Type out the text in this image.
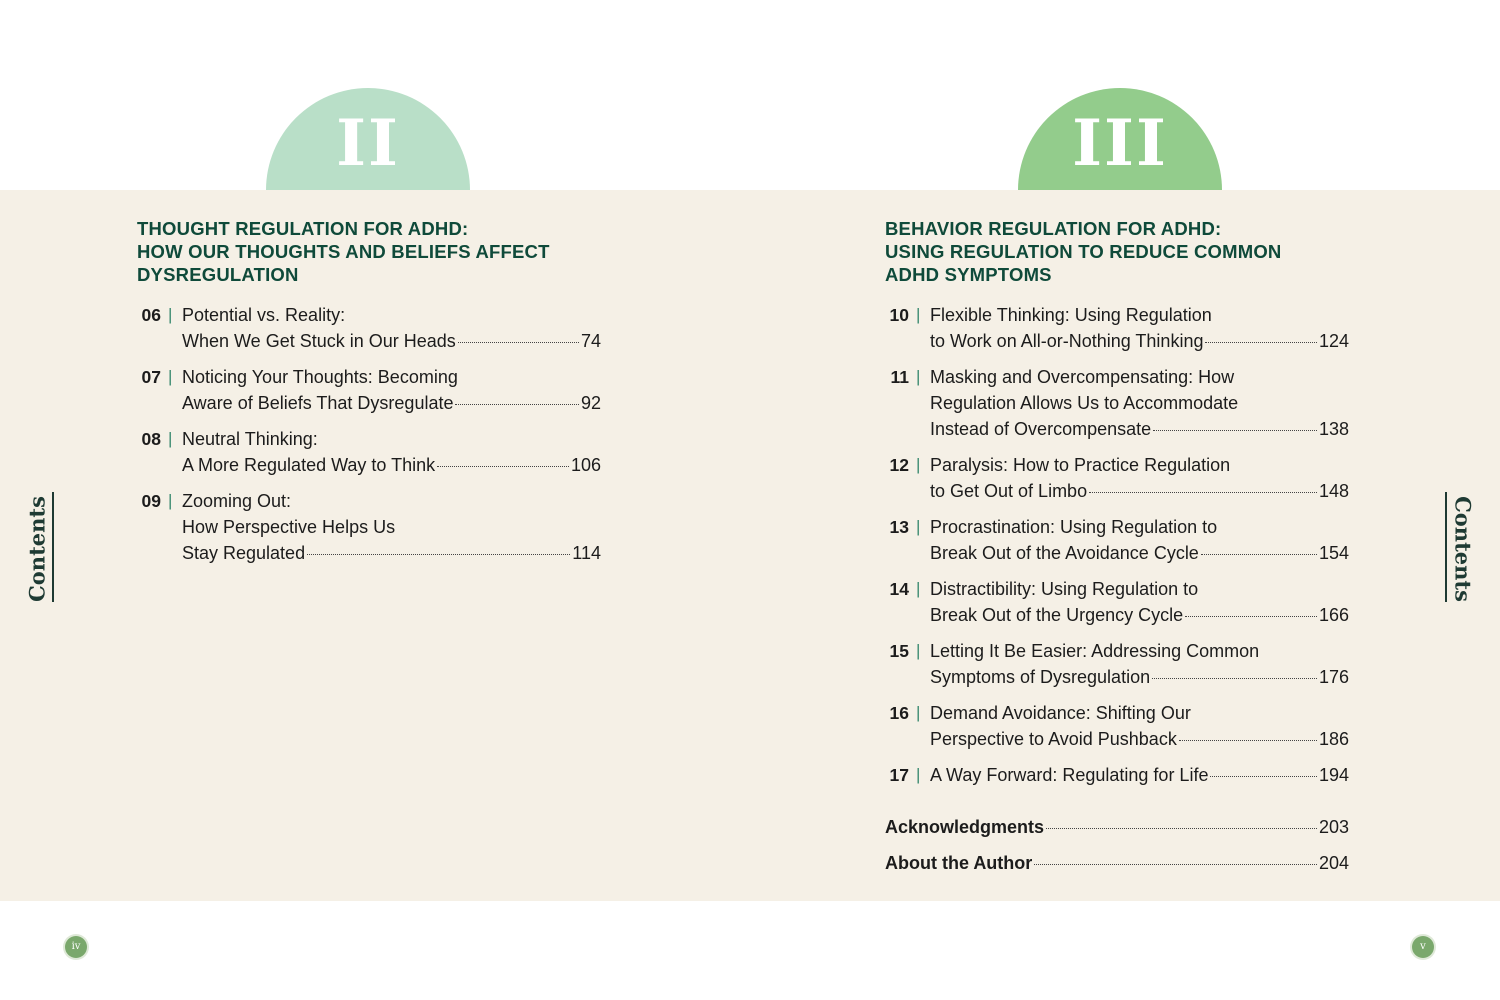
II	III
THOUGHT REGULATION FOR ADHD:
HOW OUR THOUGHTS AND BELIEFS AFFECT
DYSREGULATION
BEHAVIOR REGULATION FOR ADHD:
USING REGULATION TO REDUCE COMMON
ADHD SYMPTOMS
06 | Potential vs. Reality:
When We Get Stuck in Our Heads	74
07 | Noticing Your Thoughts: Becoming
Aware of Beliefs That Dysregulate	92
08 | Neutral Thinking:
A More Regulated Way to Think	106
09 | Zooming Out:
How Perspective Helps Us
Stay Regulated	114
10 | Flexible Thinking: Using Regulation
to Work on All-or-Nothing Thinking	124
11 | Masking and Overcompensating: How
Regulation Allows Us to Accommodate
Instead of Overcompensate	138
12 | Paralysis: How to Practice Regulation
to Get Out of Limbo	148
13 | Procrastination: Using Regulation to
Break Out of the Avoidance Cycle	154
14 | Distractibility: Using Regulation to
Break Out of the Urgency Cycle	166
15 | Letting It Be Easier: Addressing Common
Symptoms of Dysregulation	176
16 | Demand Avoidance: Shifting Our
Perspective to Avoid Pushback	186
17 | A Way Forward: Regulating for Life	194
Acknowledgments	203
About the Author	204
Contents	Contents
iv	v
